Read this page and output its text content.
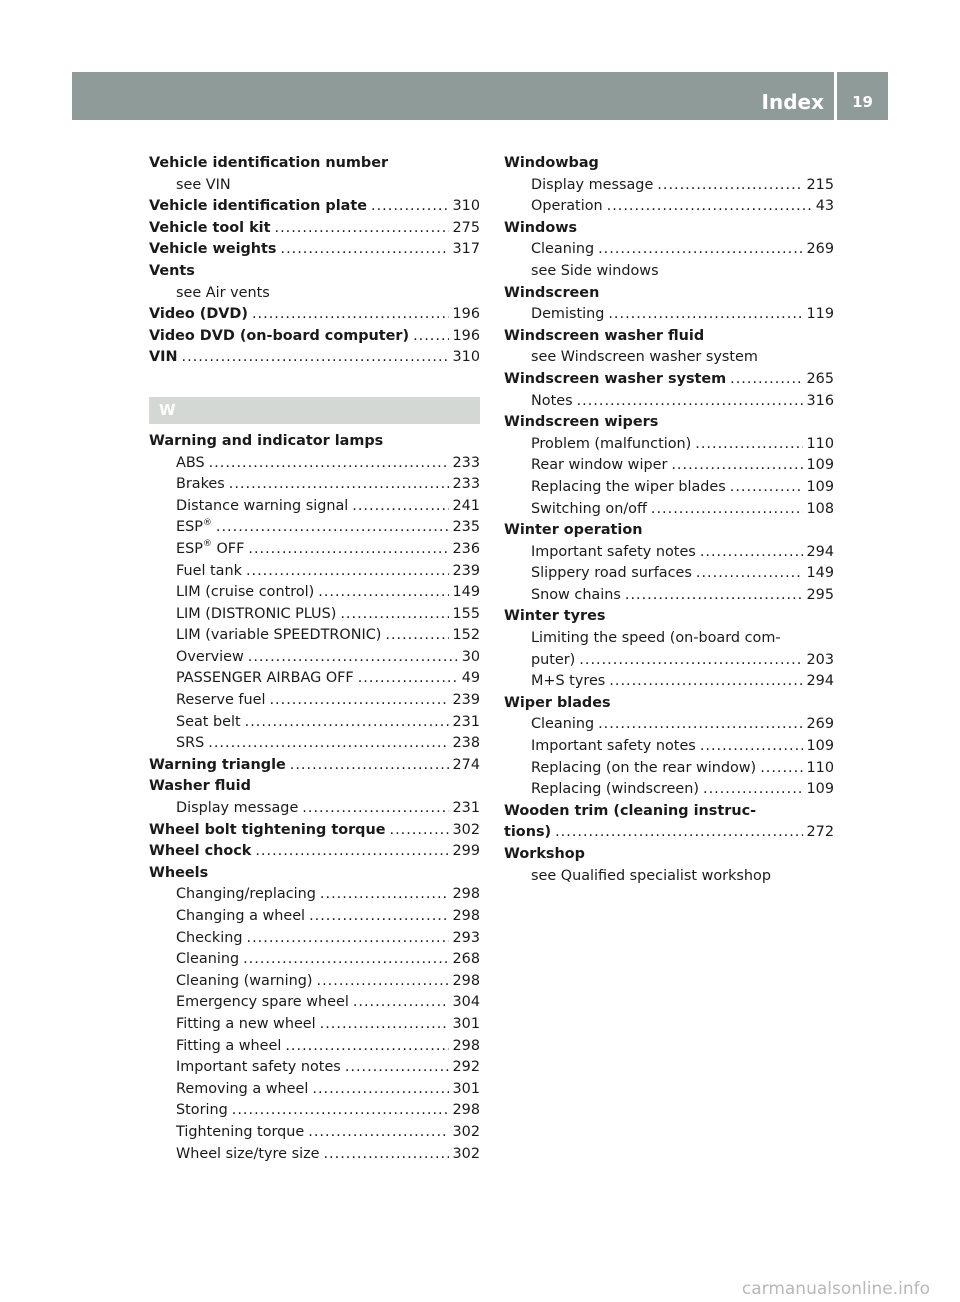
Index	19
Vehicle identification number
see VIN
Vehicle identification plate .....	310
Vehicle tool kit .....	275
Vehicle weights .....	317
Vents
see Air vents
Video (DVD) .....	196
Video DVD (on-board computer) .....	196
VIN .....	310
W
Warning and indicator lamps
ABS .....	233
Brakes .....	233
Distance warning signal .....	241
ESP® .....	235
ESP® OFF .....	236
Fuel tank .....	239
LIM (cruise control) .....	149
LIM (DISTRONIC PLUS) .....	155
LIM (variable SPEEDTRONIC) .....	152
Overview .....	30
PASSENGER AIRBAG OFF .....	49
Reserve fuel .....	239
Seat belt .....	231
SRS .....	238
Warning triangle .....	274
Washer fluid
Display message .....	231
Wheel bolt tightening torque .....	302
Wheel chock .....	299
Wheels
Changing/replacing .....	298
Changing a wheel .....	298
Checking .....	293
Cleaning .....	268
Cleaning (warning) .....	298
Emergency spare wheel .....	304
Fitting a new wheel .....	301
Fitting a wheel .....	298
Important safety notes .....	292
Removing a wheel .....	301
Storing .....	298
Tightening torque .....	302
Wheel size/tyre size .....	302
Windowbag
Display message .....	215
Operation .....	43
Windows
Cleaning .....	269
see Side windows
Windscreen
Demisting .....	119
Windscreen washer fluid
see Windscreen washer system
Windscreen washer system .....	265
Notes .....	316
Windscreen wipers
Problem (malfunction) .....	110
Rear window wiper .....	109
Replacing the wiper blades .....	109
Switching on/off .....	108
Winter operation
Important safety notes .....	294
Slippery road surfaces .....	149
Snow chains .....	295
Winter tyres
Limiting the speed (on-board com-
puter) .....	203
M+S tyres .....	294
Wiper blades
Cleaning .....	269
Important safety notes .....	109
Replacing (on the rear window) .....	110
Replacing (windscreen) .....	109
Wooden trim (cleaning instruc-
tions) .....	272
Workshop
see Qualified specialist workshop
carmanualsonline.info
